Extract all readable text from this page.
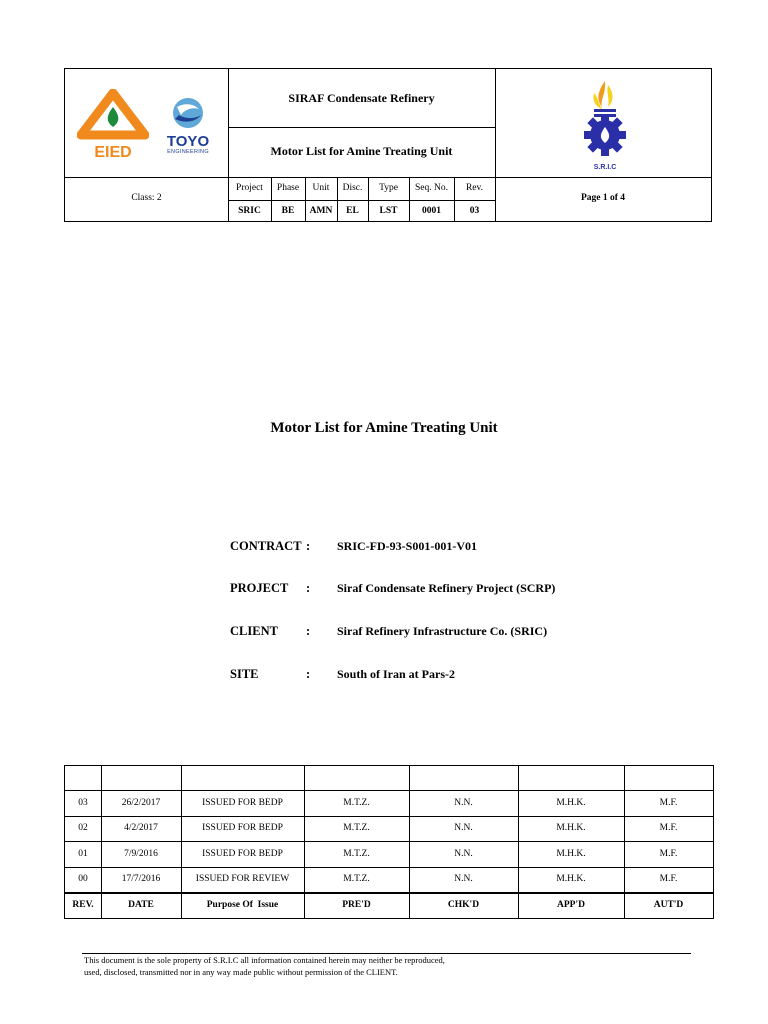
EIED
TOYO
ENGINEERING
SIRAF Condensate Refinery
Motor List for Amine Treating Unit
S.R.I.C
Class: 2	Page 1 of 4
Project	Phase	Unit	Disc.	Type	Seq. No.	Rev.
SRIC	BE	AMN	EL	LST	0001	03
Motor List for Amine Treating Unit
CONTRACT : SRIC-FD-93-S001-001-V01
PROJECT : Siraf Condensate Refinery Project (SCRP)
CLIENT : Siraf Refinery Infrastructure Co. (SRIC)
SITE	: South of Iran at Pars-2
03	26/2/2017	ISSUED FOR BEDP	M.T.Z.	N.N.	M.H.K.	M.F.
02	4/2/2017	ISSUED FOR BEDP	M.T.Z.	N.N.	M.H.K.	M.F.
01	7/9/2016	ISSUED FOR BEDP	M.T.Z.	N.N.	M.H.K.	M.F.
00	17/7/2016	ISSUED FOR REVIEW	M.T.Z.	N.N.	M.H.K.	M.F.
REV.	DATE	Purpose Of  Issue	PRE'D	CHK'D	APP'D	AUT'D
This document is the sole property of S.R.I.C all information contained herein may neither be reproduced,
used, disclosed, transmitted nor in any way made public without permission of the CLIENT.
